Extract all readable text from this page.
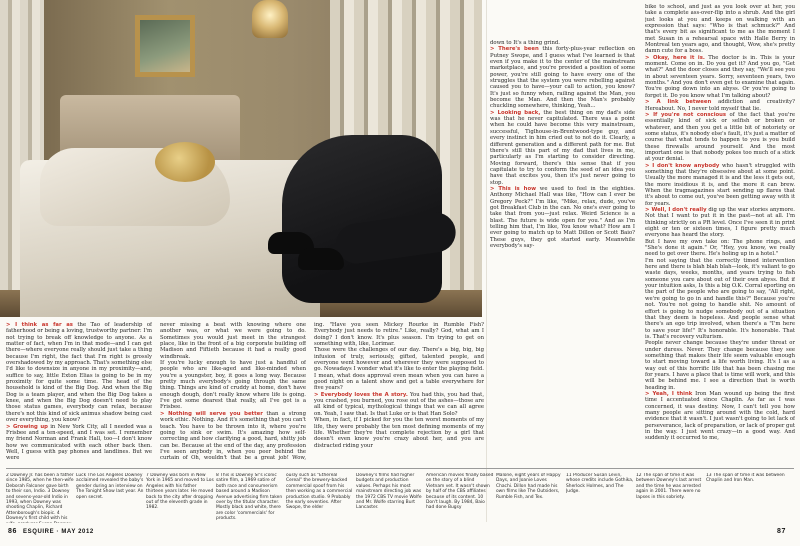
> I think as far as the Tao of leadership of fatherhood or being a loving, trustworthy partner: I'm not trying to break off knowledge to anyone. As a matter of fact, when I'm in that mode—and I can get there—where everyone really should just take a thing because I'm right, the fact that I'm right is grossly overshadowed by my approach. That's something else I'd like to downsize in anyone in my proximity—and, suffice to say, little Exton Elias is going to be in my proximity for quite some time. The head of the household is kind of the Big Dog. And when the Big Dog is a team player, and when the Big Dog takes a knee, and when the Big Dog doesn't need to play those status games, everybody can relax, because there's not this kind of sick animus shadow being cast over everything, you know?

> Growing up in New York City, all I needed was a Frisbee and a ten-speed, and I was set. I remember my friend Norman and Frank Hall, too—I don't know how we communicated with each other back then. Well, I guess with pay phones and landlines. But we were

never missing a beat with knowing where one another was, or what we were going to do. Sometimes you would just meet in the strangest place, like in the front of a big corporate building off Madison and Fiftieth because it had a really good windbreak.

If you're lucky enough to have just a handful of people who are like-aged and like-minded when you're a youngster, boy, it goes a long way. Because pretty much everybody's going through the same thing. Things are kind of cruddy at home, don't have enough dough, don't really know where life is going. I've got some dearest that really, all I've got is a Frisbee.

> Nothing will serve you better than a strong work ethic. Nothing. And it's something that you can't teach. You have to be thrown into it, where you're going to sink or swim. It's amazing how self-correcting and how clarifying a good, hard, shitty job can be. Because at the end of the day, any profession I've seen anybody in, when you peer behind the curtain of Oh, wouldn't that be a great job! Wow,

ing. "Have you seen Mickey Rourke in Rumble Fish? Everybody just needs to retire." Like, really? God, what am I doing? I don't know. It's plus season. I'm trying to get on something with, like, Lorimar.

Those were the challenges of our day. There's a big, big, big infusion of truly, seriously, gifted, talented people, and everyone went however and wherever they were supposed to go. Nowadays I wonder what it's like to enter the playing field. I mean, what does approval even mean when you can have a good night on a talent show and get a table everywhere for five years?

> Everybody loves the A story. You had this, you had that, you crashed, you burned, you rose out of the ashes—those are all kind of typical, mythological things that we can all agree on. Yeah, I saw that. Is that Luke or is that Han Solo?

When, in fact, if I picked for you the ten worst moments of my life, they were probably the ten most defining moments of my life. Whether they're that complete rejection by a girl that doesn't even know you're crazy about her, and you are distracted riding your

down to It's a thing grind.

> There's been this forty-plus-year reflection on Putney Swope, and I guess what I've learned is that even if you make it to the center of the mainstream marketplace, and you're provided a position of some power, you're still going to have every one of the struggles that the system you were rebelling against caused you to have—your call to action, you know? It's just so funny when, railing against the Man, you become the Man. And then the Man's probably chuckling somewhere, thinking, Yeah...

> Looking back, the best thing on my dad's side was that he never capitulated. There was a point when he could have become this very mainstream, successful, Tiglhouse-in-Brentwood-type guy, and every instinct in him cried out to not do it. Clearly, a different generation and a different path for me. But there's still this part of my dad that lives in me, particularly as I'm starting to consider directing. Moving forward, there's this sense that if you capitulate to try to conform the seed of an idea you have that excites you, then it's just never going to stop.

> This is how we used to feel in the eighties. Anthony Michael Hall was like, "How can I ever be Gregory Peck?" I'm like, "Mike, relax, dude, you've got Breakfast Club in the can. No one's ever going to take that from you—just relax. Weird Science is a blast. The future is wide open for you." And as I'm telling him that, I'm like, You know what? How am I ever going to match up to Matt Dillon or Scott Baio? These guys, they got started early. Meanwhile everybody's say-

bike to school, and just as you look over at her, you take a complete ass-over-flip into a shrub. And the girl just looks at you and keeps on walking with an expression that says: "Who is that schmuck?" And that's every bit as significant to me as the moment I met Susan in a rehearsal space with Halle Berry in Montreal ten years ago, and thought, Wow, she's pretty damn cute for a boss.

> Okay, here it is. The doctor is in. This is your moment. Come on in. Do you get it? And you go, "Get what?" And the door closes and they say, "We'll see you in about seventeen years. Sorry, seventeen years, two months." And you don't even get to examine that again. You're going down into an abyss. Or you're going to forget it. Do you know what I'm talking about?

> A link between addiction and creativity? Hereabout. No, I never told myself that lie.

> If you're not conscious of the fact that you're essentially kind of sick or selfish or broken or whatever, and then you get a little bit of notoriety or some status, it's nobody else's fault, it's just a matter of course that what tends to happen to you is you build these firewalls around yourself. And the most important one is that nobody pokes too much of a stick at your denial.

> I don't know anybody who hasn't struggled with something that they're obsessive about at some point. Usually the more managed it is and the less it gets out, the more insidious it is, and the more it can brew. When the tragmagazines start sending up flares that it's about to come out, you've been getting away with it for years.

> Well, I don't really dig up the war stories anymore. Not that I want to put it in the past—not at all. I'm thinking strictly on a PR level. Once I've seen it in print eight or ten or sixteen times, I figure pretty much everyone has heard the story.

But I have my own take on: The phone rings, and "She's done it again." Or, "Hey, you know, we really need to get over there. He's holing up in a hotel."

I'm not saying that the correctly timed intervention here and there is blah blah blah—look, it's valiant to go waste days, weeks, months, and years trying to fish someone you care about out of their own abyss. But if your intuition asks, Is this a big O.K. Corral eporting on the part of the people who are going to say, "All right, we're going to go in and handle this?" Because you're not. You're not going to handle shit. No amount of effort is going to nudge somebody out of a situation that they deem is hopeless. And people sense what there's an ego trip involved, when there's a "I'm here to save your life!" It's honorable. It's honorable. That is. That's recovery vulturism.

People never change because they're under threat or under duress. Never. They change because they see something that makes their life seem valuable enough to start moving toward a life worth living. It's I as a way out of this horrific life that has been chasing me for years. I have a place that is time will work, and this will be behind me. I see a direction that is worth heading in.

> Yeah, I think Iron Man wound up being the first time I accentuated since Chaplin. As far as I was concerned, it was destiny. Now, I can't tell you how many people are sitting around with the cold, hard evidence that it wasn't. I just wasn't going to let lack of perseverance, lack of preparation, or lack of proper gut in the way. I just went crazy—in a good way. And suddenly it occurred to me,

2 Downey Jr. has been a father since 1985, when he then-wife Deborah Falconer gave birth to their son, Indio. 3 Downey and sevens-year-old Indio in 1993, when Downey was shooting Chaplin, Richard Attenborough's biopic. 4 Downey's first child with his
Luck The Los Angeles Downey acclaimed revealed the baby's gender during an interview on The Tonight Show last year. An open secret.
7 Downey was born in New York in 1965 and moved to Los Angeles with his father thirteen years later. He moved back to the city after dropping out of the eleventh grade in 1982.
8 This is Downey Sr's iconic satire film, a 1969 satire of both race and consumerism based around a Madison Avenue advertising firm taken over by the titular character. Mostly black and white, there are color 'commercials' for products.
ously such as "Ethereal Cereal" the brewery-backed commercial spoof from his then working as a commercial production studio. 9 Probably the early seventies. After Swope, the elder
Downey's films had higher budgets and production values. Perhaps his most mainstream directing job was the 1972 CBS TV movie Wolfe and Mr. Wolfe starring Burt Lancaster.
American movies finally based on the story of a blind Vietnam vet. It wasn't shown by half of the CBS affiliates because of its content. 10 Don't laugh. By 1984, Baio had done Bugsy
Malone, eight years of Happy Days, and Joanie Loves Chachi. Dillon had made his own films like The Outsiders, Rumble Fish, and Tex.
11 Producer Susan Levin, whose credits include Gothika, Sherlock Holmes, and The Judge.
12 The span of time it was between Downey's last arrest and the time he was arrested again in 2001. There were no lapses in this sobriety.
13 The span of time it was between Chaplin and Iron Man.
86 ESQUIRE · MAY 2012	87
